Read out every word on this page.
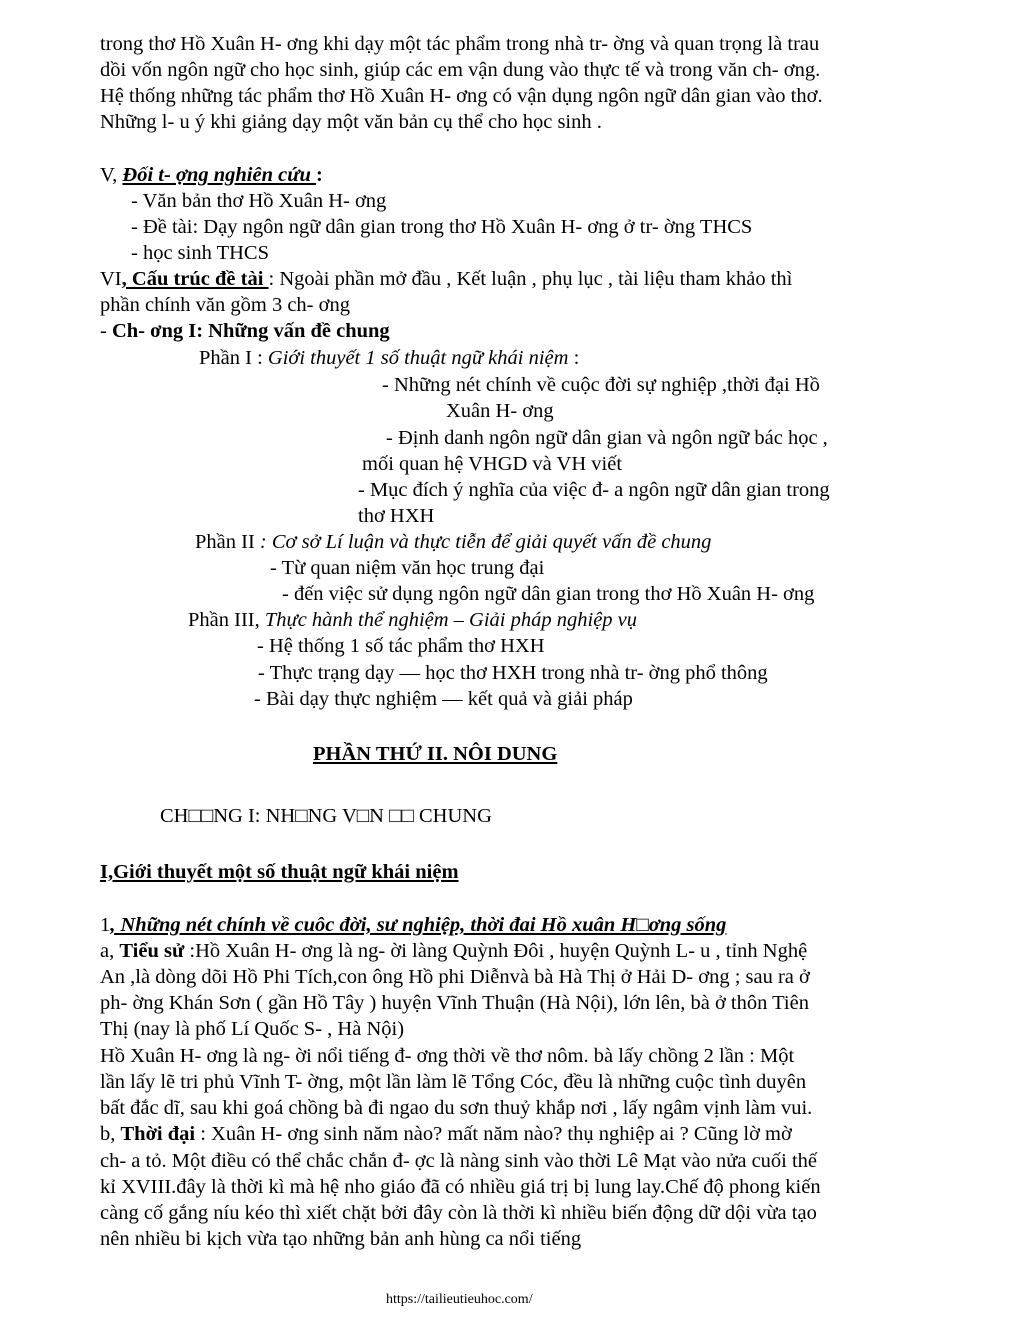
trong thơ Hồ Xuân H- ơng khi dạy một tác phẩm trong nhà tr- ờng và quan trọng là trau
dồi vốn ngôn ngữ cho học sinh, giúp các em vận dung vào thực tế và trong văn ch- ơng.
Hệ thống những tác phẩm thơ Hồ Xuân H- ơng có vận dụng ngôn ngữ dân gian vào thơ.
Những l- u ý khi giảng dạy một văn bản cụ thể cho học sinh .
V, Đối t- ợng nghiên cứu :
- Văn bản thơ Hồ Xuân H- ơng
- Đề tài: Dạy ngôn ngữ dân gian trong thơ Hồ Xuân H- ơng ở tr- ờng THCS
- học sinh THCS
VI, Cấu trúc đề tài : Ngoài phần mở đầu , Kết luận , phụ lục , tài liệu tham khảo thì
phần chính văn gồm 3 ch- ơng
- Ch- ơng I: Những vấn đề chung
Phần I : Giới thuyết 1 số thuật ngữ khái niệm :
- Những nét chính về cuộc đời sự nghiệp ,thời đại Hồ
Xuân H- ơng
- Định danh ngôn ngữ dân gian và ngôn ngữ bác học ,
mối quan hệ VHGD và VH viết
- Mục đích ý nghĩa của việc đ- a ngôn ngữ dân gian trong
thơ HXH
Phần II : Cơ sở Lí luận và thực tiễn để giải quyết vấn đề chung
- Từ quan niệm văn học trung đại
- đến việc sử dụng ngôn ngữ dân gian trong thơ Hồ Xuân H- ơng
Phần III, Thực hành thể nghiệm – Giải pháp nghiệp vụ
- Hệ thống 1 số tác phẩm thơ HXH
- Thực trạng dạy — học thơ HXH trong nhà tr- ờng phổ thông
- Bài dạy thực nghiệm — kết quả và giải pháp
PHẦN THỨ II. NÔI DUNG
CH□□NG I: NH□NG V□N □□ CHUNG
I,Giới thuyết một số thuật ngữ khái niệm
1, Những nét chính về cuôc đời, sư nghiệp, thời đai Hồ xuân H□ơng sống
a, Tiểu sử :Hồ Xuân H- ơng là ng- ời làng Quỳnh Đôi , huyện Quỳnh L- u , tỉnh Nghệ
An ,là dòng dõi Hồ Phi Tích,con ông Hồ phi Diễnvà bà Hà Thị ở Hải D- ơng ; sau ra ở
ph- ờng Khán Sơn ( gần Hồ Tây ) huyện Vĩnh Thuận (Hà Nội), lớn lên, bà ở thôn Tiên
Thị (nay là phố Lí Quốc S- , Hà Nội)
Hồ Xuân H- ơng là ng- ời nổi tiếng đ- ơng thời về thơ nôm. bà lấy chồng 2 lần : Một
lần lấy lẽ tri phủ Vĩnh T- ờng, một lần làm lẽ Tổng Cóc, đều là những cuộc tình duyên
bất đắc dĩ, sau khi goá chồng bà đi ngao du sơn thuỷ khắp nơi , lấy ngâm vịnh làm vui.
b, Thời đại : Xuân H- ơng sinh năm nào? mất năm nào? thụ nghiệp ai ? Cũng lờ mờ
ch- a tỏ. Một điều có thể chắc chắn đ- ợc là nàng sinh vào thời Lê Mạt vào nửa cuối thế
kỉ XVIII.đây là thời kì mà hệ nho giáo đã có nhiều giá trị bị lung lay.Chế độ phong kiến
càng cố gắng níu kéo thì xiết chặt bởi đây còn là thời kì nhiều biến động dữ dội vừa tạo
nên nhiều bi kịch vừa tạo những bản anh hùng ca nổi tiếng
https://tailieutieuhoc.com/
